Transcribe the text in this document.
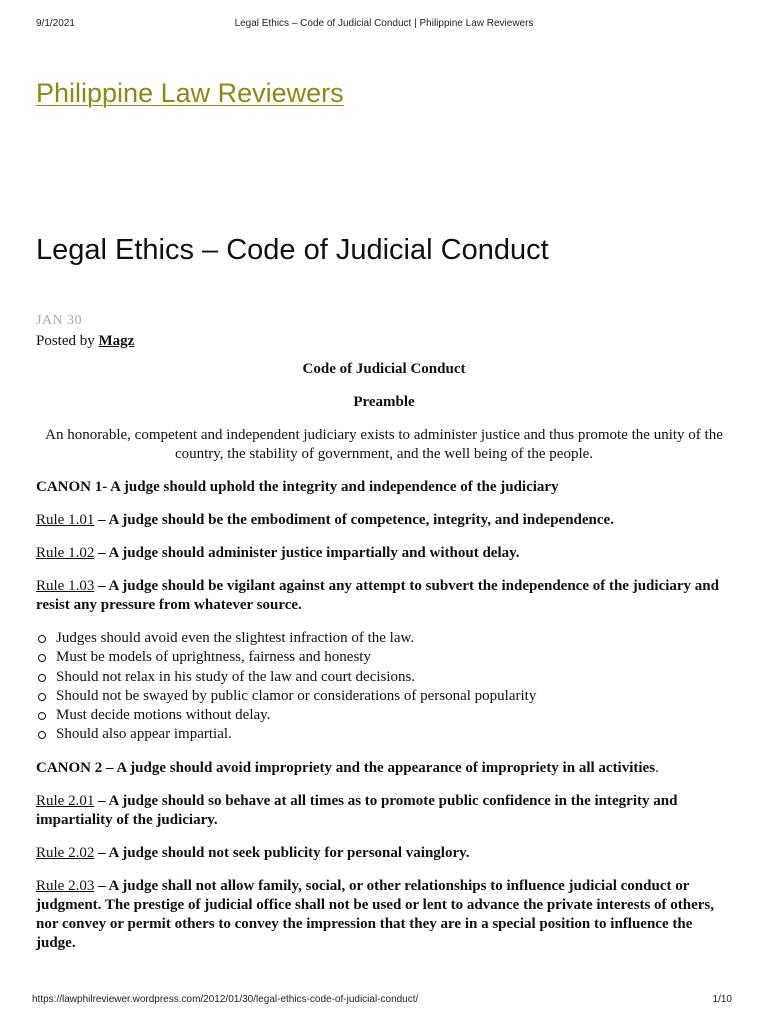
9/1/2021	Legal Ethics – Code of Judicial Conduct | Philippine Law Reviewers
Philippine Law Reviewers
Legal Ethics – Code of Judicial Conduct
JAN 30
Posted by Magz

Code of Judicial Conduct

Preamble

An honorable, competent and independent judiciary exists to administer justice and thus promote the unity of the country, the stability of government, and the well being of the people.

CANON 1- A judge should uphold the integrity and independence of the judiciary

Rule 1.01 – A judge should be the embodiment of competence, integrity, and independence.

Rule 1.02 – A judge should administer justice impartially and without delay.

Rule 1.03 – A judge should be vigilant against any attempt to subvert the independence of the judiciary and resist any pressure from whatever source.

Judges should avoid even the slightest infraction of the law.
Must be models of uprightness, fairness and honesty
Should not relax in his study of the law and court decisions.
Should not be swayed by public clamor or considerations of personal popularity
Must decide motions without delay.
Should also appear impartial.

CANON 2 – A judge should avoid impropriety and the appearance of impropriety in all activities.

Rule 2.01 – A judge should so behave at all times as to promote public confidence in the integrity and impartiality of the judiciary.

Rule 2.02 – A judge should not seek publicity for personal vainglory.

Rule 2.03 – A judge shall not allow family, social, or other relationships to influence judicial conduct or judgment. The prestige of judicial office shall not be used or lent to advance the private interests of others, nor convey or permit others to convey the impression that they are in a special position to influence the judge.

https://lawphilreviewer.wordpress.com/2012/01/30/legal-ethics-code-of-judicial-conduct/	1/10
